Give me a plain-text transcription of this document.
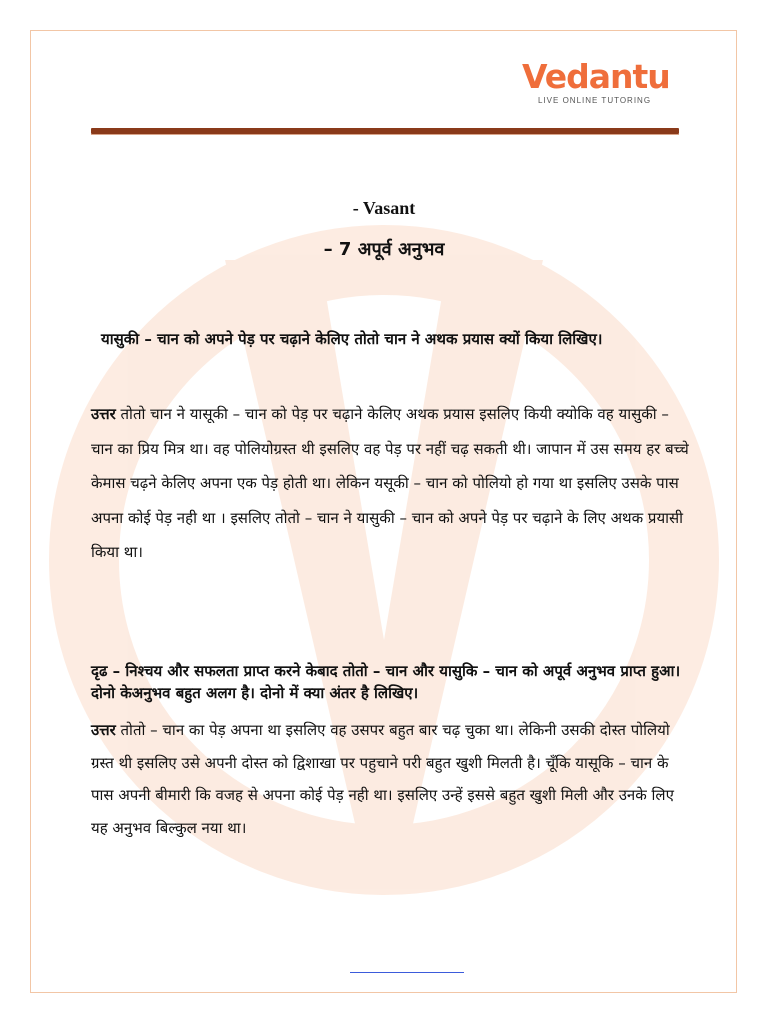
Vedantu
LIVE ONLINE TUTORING
- Vasant
– 7 अपूर्व अनुभव
यासुकी – चान को अपने पेड़ पर चढ़ाने केलिए तोतो चान ने अथक प्रयास क्यों किया लिखिए।
उत्तर तोतो चान ने यासूकी – चान को पेड़ पर चढ़ाने केलिए अथक प्रयास इसलिए कियी क्योकि वह यासुकी – चान का प्रिय मित्र था। वह पोलियोग्रस्त थी इसलिए वह पेड़ पर नहीं चढ़ सकती थी। जापान में उस समय हर बच्चे केमास चढ़ने केलिए अपना एक पेड़ होती था। लेकिन यसूकी – चान को पोलियो हो गया था इसलिए उसके पास अपना कोई पेड़ नही था । इसलिए तोतो – चान ने यासुकी – चान को अपने पेड़ पर चढ़ाने के लिए अथक प्रयासी किया था।
दृढ – निश्चय और सफलता प्राप्त करने केबाद तोतो – चान और यासुकि – चान को अपूर्व अनुभव प्राप्त हुआ। दोनो केअनुभव बहुत अलग है। दोनो में क्या अंतर है लिखिए।
उत्तर तोतो – चान का पेड़ अपना था इसलिए वह उसपर बहुत बार चढ़ चुका था। लेकिनी उसकी दोस्त पोलियो ग्रस्त थी इसलिए उसे अपनी दोस्त को द्विशाखा पर पहुचाने परी बहुत खुशी मिलती है। चूँकि यासूकि – चान के पास अपनी बीमारी कि वजह से अपना कोई पेड़ नही था। इसलिए उन्हें इससे बहुत खुशी मिली और उनके लिए यह अनुभव बिल्कुल नया था।
